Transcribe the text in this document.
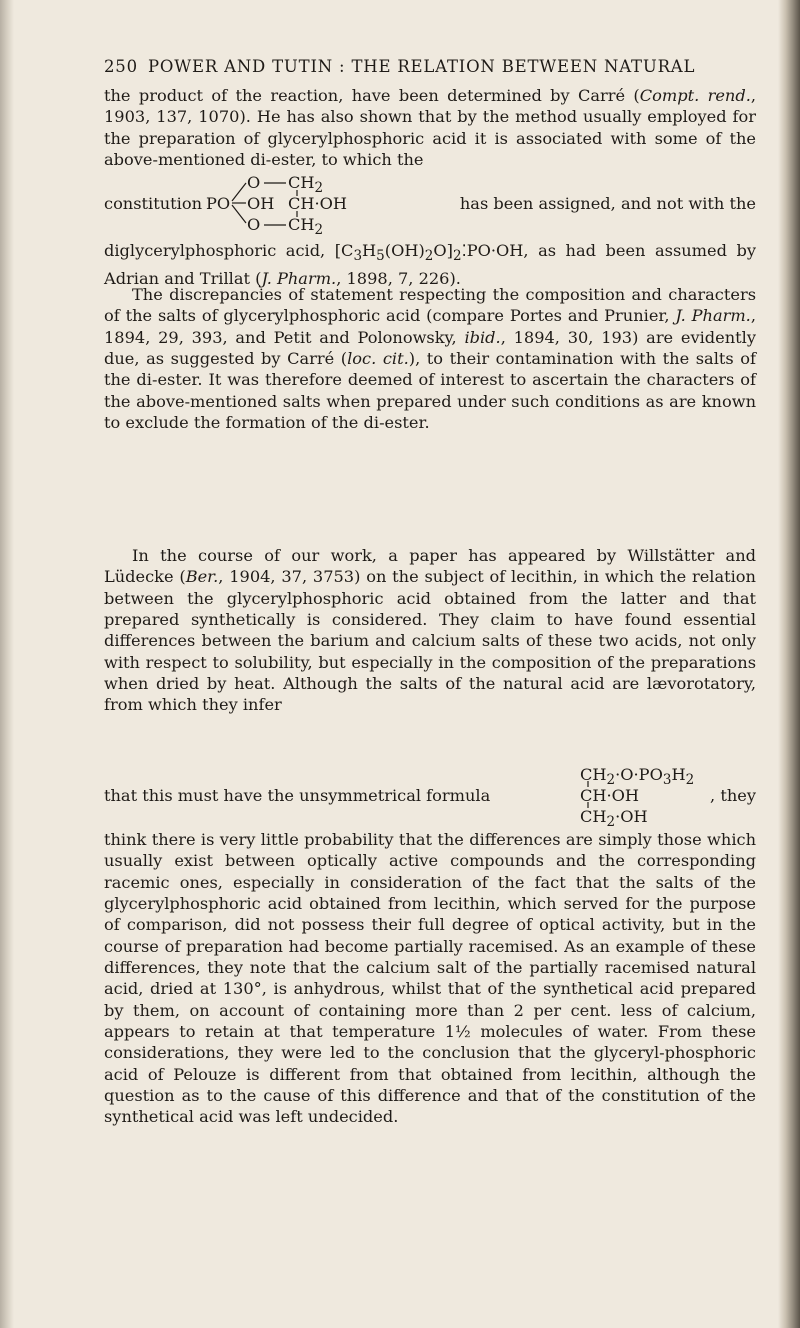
250 POWER AND TUTIN : THE RELATION BETWEEN NATURAL

the product of the reaction, have been determined by Carré (Compt. rend., 1903, 137, 1070). He has also shown that by the method usually employed for the preparation of glycerylphosphoric acid it is associated with some of the above-mentioned di-ester, to which the

constitution PO
O
OH
O
$CH_2$
CH·OH
$CH_2$
has been assigned, and not with the

diglycerylphosphoric acid, $[C_3H_5(OH)_2O]_2⁚PO\cdot OH$, as had been assumed by Adrian and Trillat (J. Pharm., 1898, 7, 226).

The discrepancies of statement respecting the composition and characters of the salts of glycerylphosphoric acid (compare Portes and Prunier, J. Pharm., 1894, 29, 393, and Petit and Polonowsky, ibid., 1894, 30, 193) are evidently due, as suggested by Carré (loc. cit.), to their contamination with the salts of the di-ester. It was therefore deemed of interest to ascertain the characters of the above-mentioned salts when prepared under such conditions as are known to exclude the formation of the di-ester.

In the course of our work, a paper has appeared by Willstätter and Lüdecke (Ber., 1904, 37, 3753) on the subject of lecithin, in which the relation between the glycerylphosphoric acid obtained from the latter and that prepared synthetically is considered. They claim to have found essential differences between the barium and calcium salts of these two acids, not only with respect to solubility, but especially in the composition of the preparations when dried by heat. Although the salts of the natural acid are lævorotatory, from which they infer

that this must have the unsymmetrical formula
$CH_2\cdot O\cdot PO_3H_2$
CH·OH
$CH_2\cdot OH$
, they

think there is very little probability that the differences are simply those which usually exist between optically active compounds and the corresponding racemic ones, especially in consideration of the fact that the salts of the glycerylphosphoric acid obtained from lecithin, which served for the purpose of comparison, did not possess their full degree of optical activity, but in the course of preparation had become partially racemised. As an example of these differences, they note that the calcium salt of the partially racemised natural acid, dried at 130°, is anhydrous, whilst that of the synthetical acid prepared by them, on account of containing more than 2 per cent. less of calcium, appears to retain at that temperature 1½ molecules of water. From these considerations, they were led to the conclusion that the glyceryl-phosphoric acid of Pelouze is different from that obtained from lecithin, although the question as to the cause of this difference and that of the constitution of the synthetical acid was left undecided.
